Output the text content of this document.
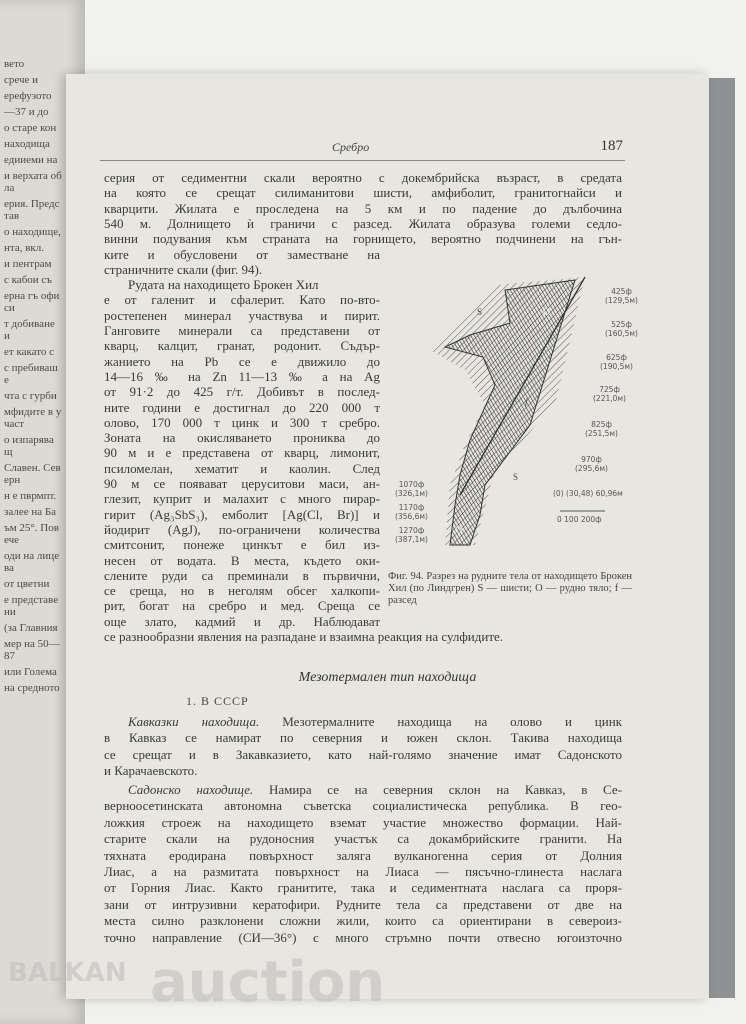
вето
срече и
ерефузото
—37 и до
о старе кон
находища
едииеми на
и верхата обла
ерия. Представ
о находище,
нта, вкл.
и пентрам
с кабои съ
ерна гъ офиси
т добиване и
ет какато с
с пребиваше
чта с гурби
мфидите в участ
о изпаряващ
Славен. Северн
н е пврмпт.
залее на Ба
ъм 25°. Повече
оди на лицева
от цветни
е представени
(за Главния
мер на 50—87
или Голема
на средното
Сребро	187
серия от седиментни скали вероятно с докембрийска възраст, в средата
на която се срещат силиманитови шисти, амфиболит, гранитогнайси и
кварцити. Жилата е проследена на 5 км и по падение до дълбочина
540 м. Долнището ѝ граничи с разсед. Жилата образува големи седло-
винни подувания към страната на горнището, вероятно подчинени на гън-
ките и обусловени от заместване на
страничните скали (фиг. 94).
Рудата на находището Брокен Хил
е от галенит и сфалерит. Като по-вто-
ростепенен минерал участвува и пирит.
Ганговите минерали са представени от
кварц, калцит, гранат, родонит. Съдър-
жанието на Pb се е движило до
14—16 ‰ на Zn 11—13 ‰ а на Ag
от 91·2 до 425 г/т. Добивът в послед-
ните години е достигнал до 220 000 т
олово, 170 000 т цинк и 300 т сребро.
Зоната на окисляването прониква до
90 м и е представена от кварц, лимонит,
псиломелан, хематит и каолин. След
90 м се появават церуситови маси, ан-
глезит, куприт и малахит с много пирар-
гирит (Ag₃SbS₃), емболит [Ag(Cl, Br)] и
йодирит (AgJ), по-ограничени количества
смитсонит, понеже цинкът е бил из-
несен от водата. В места, където оки-
слените руди са преминали в първични,
се среща, но в неголям обсег халкопи-
рит, богат на сребро и мед. Среща се
още злато, кадмий и др. Наблюдават
се разнообразни явления на разпадане и взаимна реакция на сулфидите.
Мезотермален тип находища
1. В СССР
Кавказки находища. Мезотермалните находища на олово и цинк
в Кавказ се намират по северния и южен склон. Такива находища
се срещат и в Закавказието, като най-голямо значение имат Садонското
и Карачаевското.
Садонско находище. Намира се на северния склон на Кавказ, в Се-
верноосетинската автономна съветска социалистическа република. В гео-
ложкия строеж на находището вземат участие множество формации. Най-
старите скали на рудоносния участък са докамбрийските гранити. На
тяхната еродирана повърхност залягa вулканогенна серия от Долния
Лиас, а на размитата повърхност на Лиаса — пясъчно-глинеста наслага
от Горния Лиас. Както гранитите, така и седиментната наслага са проря-
зани от интрузивни кератофири. Рудните тела са представени от две на
места силно разклонени сложни жили, които са ориентирани в североиз-
точно направление (СИ—36°) с много стръмно почти отвесно югоизточно
O
O
S
S
f
425ф
(129,5м)
525ф
(160,5м)
625ф
(190,5м)
725ф
(221,0м)
825ф
(251,5м)
970ф
(295,6м)
1070ф
(326,1м)
1170ф
(356,6м)
1270ф
(387,1м)
(0) (30,48) 60,96м
0 100 200ф
Фиг. 94. Разрез на рудните тела от находището Брокен Хил (по Линдгрен) S — шисти; O — рудно тяло; f — разсед
BALKAN auction
